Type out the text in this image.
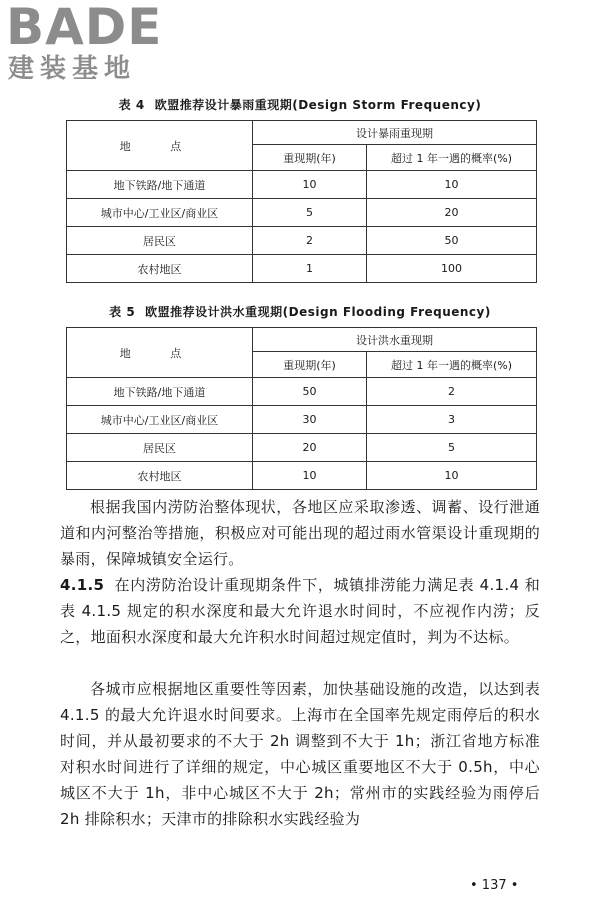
BADE
建装基地
表 4 欧盟推荐设计暴雨重现期(Design Storm Frequency)
地 点	设计暴雨重现期	
	重现期(年)	超过 1 年一遇的概率(%)
地下铁路/地下通道	10	10
城市中心/工业区/商业区	5	20
居民区	2	50
农村地区	1	100
表 5 欧盟推荐设计洪水重现期(Design Flooding Frequency)
地 点	设计洪水重现期	
	重现期(年)	超过 1 年一遇的概率(%)
地下铁路/地下通道	50	2
城市中心/工业区/商业区	30	3
居民区	20	5
农村地区	10	10
根据我国内涝防治整体现状，各地区应采取渗透、调蓄、设行泄通道和内河整治等措施，积极应对可能出现的超过雨水管渠设计重现期的暴雨，保障城镇安全运行。
4.1.5 在内涝防治设计重现期条件下，城镇排涝能力满足表 4.1.4 和表 4.1.5 规定的积水深度和最大允许退水时间时，不应视作内涝；反之，地面积水深度和最大允许积水时间超过规定值时，判为不达标。
各城市应根据地区重要性等因素，加快基础设施的改造，以达到表 4.1.5 的最大允许退水时间要求。上海市在全国率先规定雨停后的积水时间，并从最初要求的不大于 2h 调整到不大于 1h；浙江省地方标准对积水时间进行了详细的规定，中心城区重要地区不大于 0.5h，中心城区不大于 1h，非中心城区不大于 2h；常州市的实践经验为雨停后 2h 排除积水；天津市的排除积水实践经验为
• 137 •
